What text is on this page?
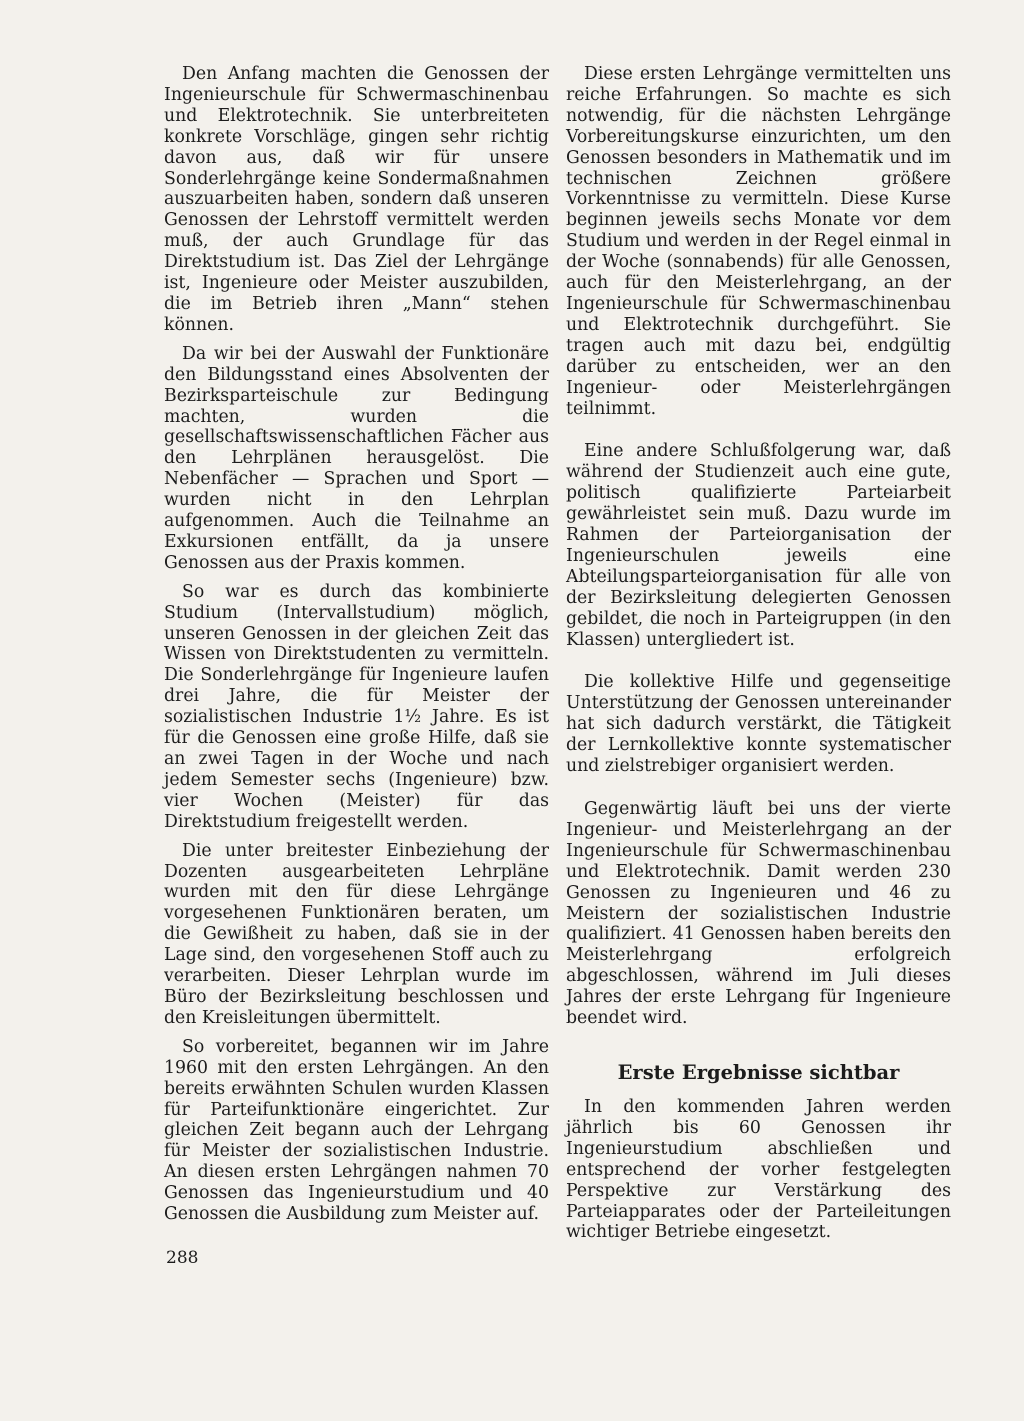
Den Anfang machten die Genossen der Ingenieurschule für Schwermaschinenbau und Elektrotechnik. Sie unterbreiteten konkrete Vorschläge, gingen sehr richtig davon aus, daß wir für unsere Sonderlehrgänge keine Sondermaßnahmen auszuarbeiten haben, sondern daß unseren Genossen der Lehrstoff vermittelt werden muß, der auch Grundlage für das Direktstudium ist. Das Ziel der Lehrgänge ist, Ingenieure oder Meister auszubilden, die im Betrieb ihren „Mann“ stehen können.

Da wir bei der Auswahl der Funktionäre den Bildungsstand eines Absolventen der Bezirksparteischule zur Bedingung machten, wurden die gesellschaftswissenschaftlichen Fächer aus den Lehrplänen herausgelöst. Die Nebenfächer — Sprachen und Sport — wurden nicht in den Lehrplan aufgenommen. Auch die Teilnahme an Exkursionen entfällt, da ja unsere Genossen aus der Praxis kommen.

So war es durch das kombinierte Studium (Intervallstudium) möglich, unseren Genossen in der gleichen Zeit das Wissen von Direktstudenten zu vermitteln. Die Sonderlehrgänge für Ingenieure laufen drei Jahre, die für Meister der sozialistischen Industrie 1½ Jahre. Es ist für die Genossen eine große Hilfe, daß sie an zwei Tagen in der Woche und nach jedem Semester sechs (Ingenieure) bzw. vier Wochen (Meister) für das Direktstudium freigestellt werden.

Die unter breitester Einbeziehung der Dozenten ausgearbeiteten Lehrpläne wurden mit den für diese Lehrgänge vorgesehenen Funktionären beraten, um die Gewißheit zu haben, daß sie in der Lage sind, den vorgesehenen Stoff auch zu verarbeiten. Dieser Lehrplan wurde im Büro der Bezirksleitung beschlossen und den Kreisleitungen übermittelt.

So vorbereitet, begannen wir im Jahre 1960 mit den ersten Lehrgängen. An den bereits erwähnten Schulen wurden Klassen für Parteifunktionäre eingerichtet. Zur gleichen Zeit begann auch der Lehrgang für Meister der sozialistischen Industrie. An diesen ersten Lehrgängen nahmen 70 Genossen das Ingenieurstudium und 40 Genossen die Ausbildung zum Meister auf.

Diese ersten Lehrgänge vermittelten uns reiche Erfahrungen. So machte es sich notwendig, für die nächsten Lehrgänge Vorbereitungskurse einzurichten, um den Genossen besonders in Mathematik und im technischen Zeichnen größere Vorkenntnisse zu vermitteln. Diese Kurse beginnen jeweils sechs Monate vor dem Studium und werden in der Regel einmal in der Woche (sonnabends) für alle Genossen, auch für den Meisterlehrgang, an der Ingenieurschule für Schwermaschinenbau und Elektrotechnik durchgeführt. Sie tragen auch mit dazu bei, endgültig darüber zu entscheiden, wer an den Ingenieur- oder Meisterlehrgängen teilnimmt.

Eine andere Schlußfolgerung war, daß während der Studienzeit auch eine gute, politisch qualifizierte Parteiarbeit gewährleistet sein muß. Dazu wurde im Rahmen der Parteiorganisation der Ingenieurschulen jeweils eine Abteilungsparteiorganisation für alle von der Bezirksleitung delegierten Genossen gebildet, die noch in Parteigruppen (in den Klassen) untergliedert ist.

Die kollektive Hilfe und gegenseitige Unterstützung der Genossen untereinander hat sich dadurch verstärkt, die Tätigkeit der Lernkollektive konnte systematischer und zielstrebiger organisiert werden.

Gegenwärtig läuft bei uns der vierte Ingenieur- und Meisterlehrgang an der Ingenieurschule für Schwermaschinenbau und Elektrotechnik. Damit werden 230 Genossen zu Ingenieuren und 46 zu Meistern der sozialistischen Industrie qualifiziert. 41 Genossen haben bereits den Meisterlehrgang erfolgreich abgeschlossen, während im Juli dieses Jahres der erste Lehrgang für Ingenieure beendet wird.

Erste Ergebnisse sichtbar

In den kommenden Jahren werden jährlich bis 60 Genossen ihr Ingenieurstudium abschließen und entsprechend der vorher festgelegten Perspektive zur Verstärkung des Parteiapparates oder der Parteileitungen wichtiger Betriebe eingesetzt.

288
